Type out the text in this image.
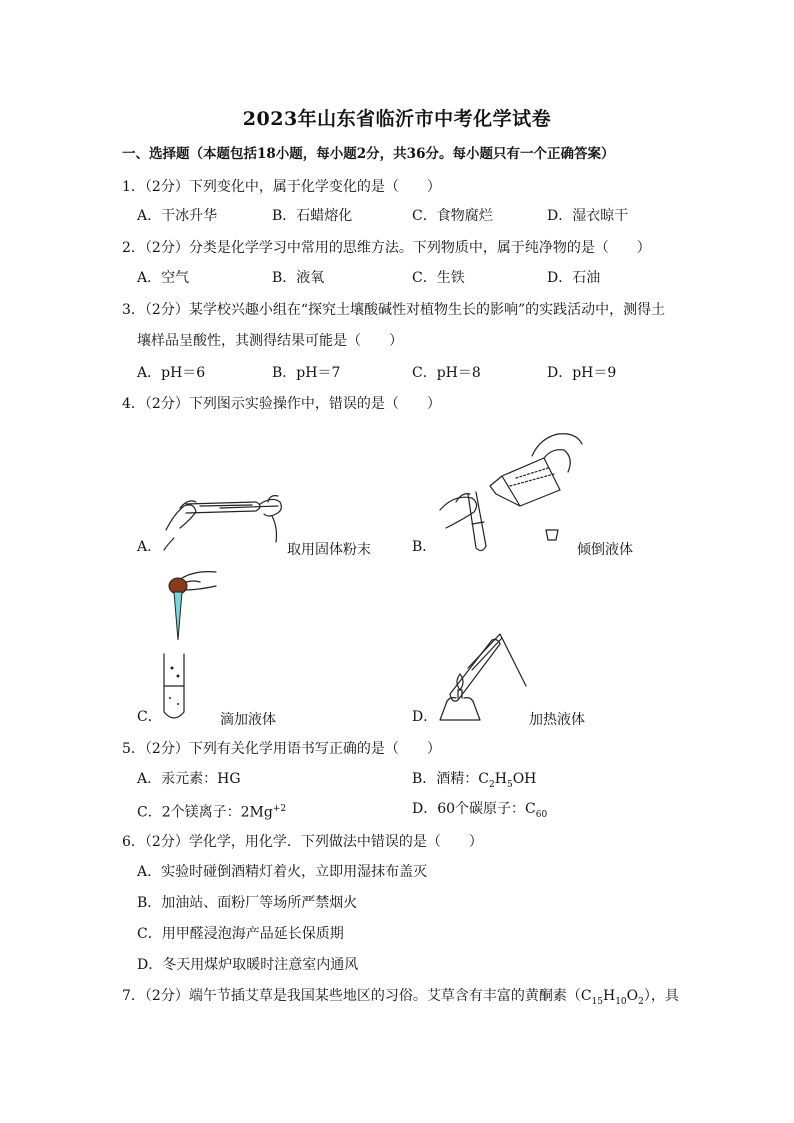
2023年山东省临沂市中考化学试卷
一、选择题（本题包括18小题，每小题2分，共36分。每小题只有一个正确答案）
1．（2分）下列变化中，属于化学变化的是（　　）
A．干冰升华	B．石蜡熔化	C．食物腐烂	D．湿衣晾干
2．（2分）分类是化学学习中常用的思维方法。下列物质中，属于纯净物的是（　　）
A．空气	B．液氧	C．生铁	D．石油
3．（2分）某学校兴趣小组在“探究土壤酸碱性对植物生长的影响”的实践活动中，测得土
壤样品呈酸性，其测得结果可能是（　　）
A．pH＝6	B．pH＝7	C．pH＝8	D．pH＝9
4．（2分）下列图示实验操作中，错误的是（　　）
A．	取用固体粉末	B．	倾倒液体
C．	滴加液体	D．	加热液体
5．（2分）下列有关化学用语书写正确的是（　　）
A．汞元素：HG	B．酒精：$C_2H_5OH$
C．2个镁离子：$2Mg^{+2}$	D．60个碳原子：$C_{60}$
6．（2分）学化学，用化学．下列做法中错误的是（　　）
A．实验时碰倒酒精灯着火，立即用湿抹布盖灭
B．加油站、面粉厂等场所严禁烟火
C．用甲醛浸泡海产品延长保质期
D．冬天用煤炉取暖时注意室内通风
7．（2分）端午节插艾草是我国某些地区的习俗。艾草含有丰富的黄酮素$(C_{15}H_{10}O_2)$，具
